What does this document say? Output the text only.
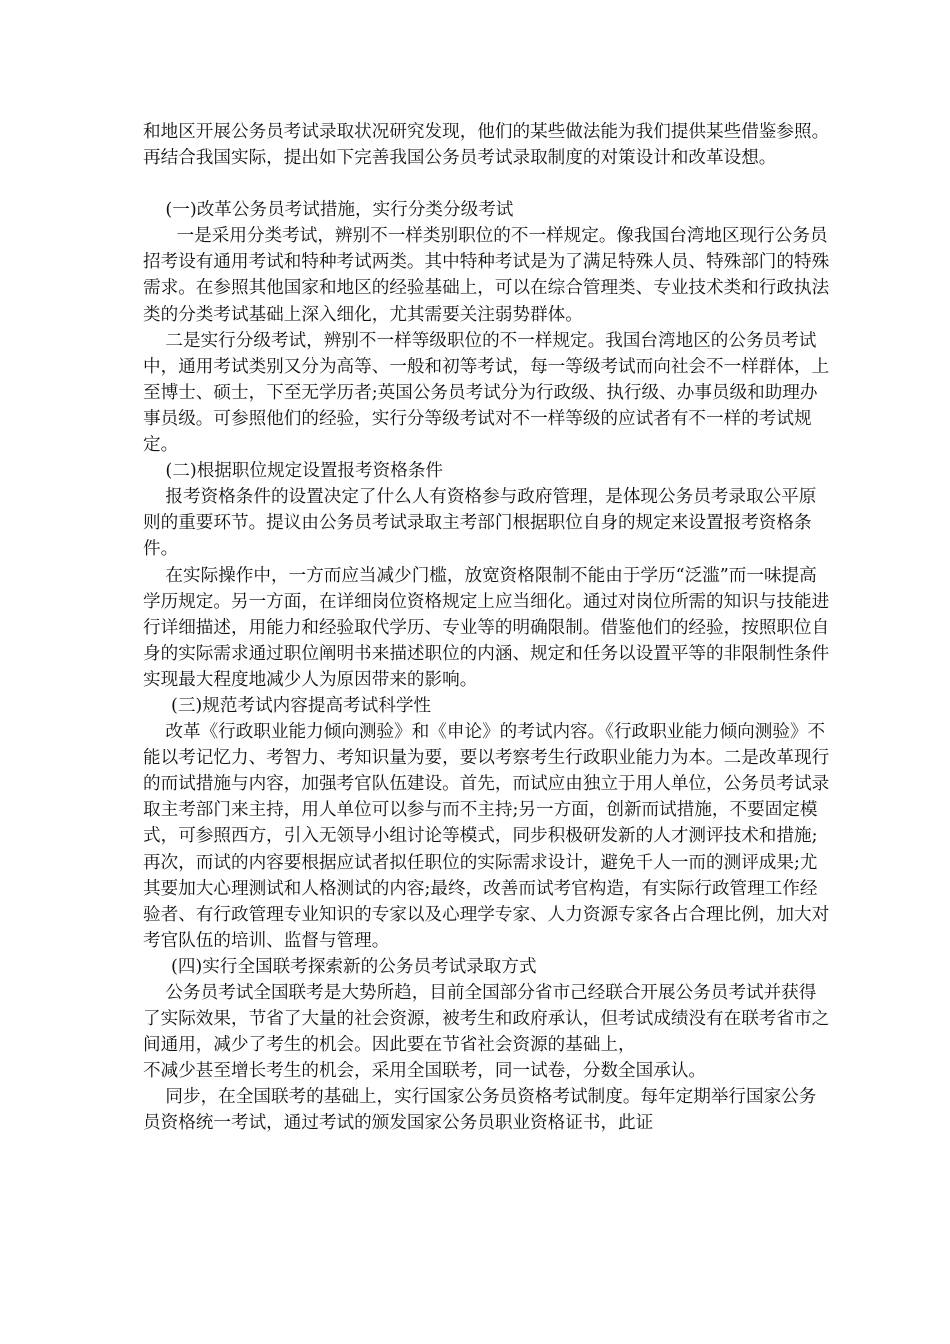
和地区开展公务员考试录取状况研究发现，他们的某些做法能为我们提供某些借鉴参照。再结合我国实际，提出如下完善我国公务员考试录取制度的对策设计和改革设想。

(一)改革公务员考试措施，实行分类分级考试

一是采用分类考试，辨别不一样类别职位的不一样规定。像我国台湾地区现行公务员招考设有通用考试和特种考试两类。其中特种考试是为了满足特殊人员、特殊部门的特殊需求。在参照其他国家和地区的经验基础上，可以在综合管理类、专业技术类和行政执法类的分类考试基础上深入细化，尤其需要关注弱势群体。

二是实行分级考试，辨别不一样等级职位的不一样规定。我国台湾地区的公务员考试中，通用考试类别又分为高等、一般和初等考试，每一等级考试而向社会不一样群体，上至博士、硕士，下至无学历者;英国公务员考试分为行政级、执行级、办事员级和助理办事员级。可参照他们的经验，实行分等级考试对不一样等级的应试者有不一样的考试规定。

(二)根据职位规定设置报考资格条件

报考资格条件的设置决定了什么人有资格参与政府管理，是体现公务员考录取公平原则的重要环节。提议由公务员考试录取主考部门根据职位自身的规定来设置报考资格条件。

在实际操作中，一方而应当减少门槛，放宽资格限制不能由于学历“泛滥”而一味提高学历规定。另一方面，在详细岗位资格规定上应当细化。通过对岗位所需的知识与技能进行详细描述，用能力和经验取代学历、专业等的明确限制。借鉴他们的经验，按照职位自身的实际需求通过职位阐明书来描述职位的内涵、规定和任务以设置平等的非限制性条件实现最大程度地减少人为原因带来的影响。

(三)规范考试内容提高考试科学性

改革《行政职业能力倾向测验》和《申论》的考试内容。《行政职业能力倾向测验》不能以考记忆力、考智力、考知识量为要，要以考察考生行政职业能力为本。二是改革现行的而试措施与内容，加强考官队伍建设。首先，而试应由独立于用人单位，公务员考试录取主考部门来主持，用人单位可以参与而不主持;另一方面，创新而试措施，不要固定模式，可参照西方，引入无领导小组讨论等模式，同步积极研发新的人才测评技术和措施;再次，而试的内容要根据应试者拟任职位的实际需求设计，避免千人一而的测评成果;尤其要加大心理测试和人格测试的内容;最终，改善而试考官构造，有实际行政管理工作经验者、有行政管理专业知识的专家以及心理学专家、人力资源专家各占合理比例，加大对考官队伍的培训、监督与管理。

(四)实行全国联考探索新的公务员考试录取方式

公务员考试全国联考是大势所趋，目前全国部分省市己经联合开展公务员考试并获得了实际效果，节省了大量的社会资源，被考生和政府承认，但考试成绩没有在联考省市之间通用，减少了考生的机会。因此要在节省社会资源的基础上，

不减少甚至增长考生的机会，采用全国联考，同一试卷，分数全国承认。

同步，在全国联考的基础上，实行国家公务员资格考试制度。每年定期举行国家公务员资格统一考试，通过考试的颁发国家公务员职业资格证书，此证
